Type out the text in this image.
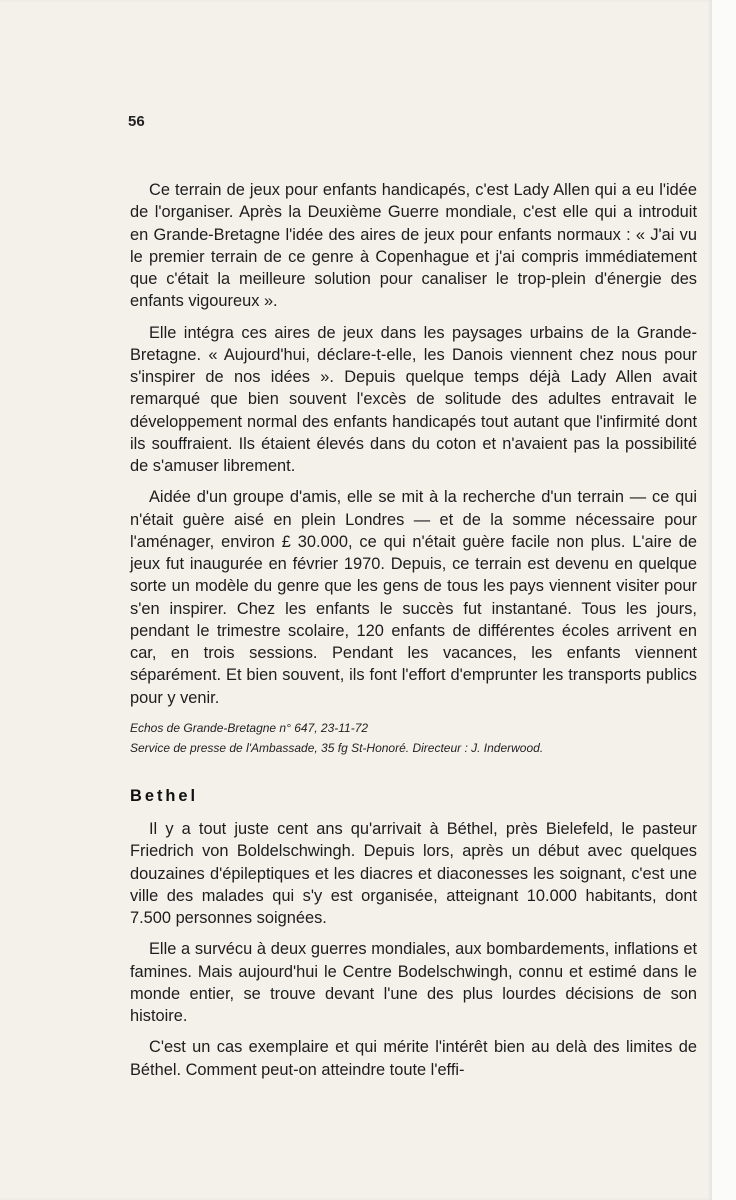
56

Ce terrain de jeux pour enfants handicapés, c'est Lady Allen qui a eu l'idée de l'organiser. Après la Deuxième Guerre mondiale, c'est elle qui a introduit en Grande-Bretagne l'idée des aires de jeux pour enfants normaux : « J'ai vu le premier terrain de ce genre à Copenhague et j'ai compris immédiatement que c'était la meilleure solution pour canaliser le trop-plein d'énergie des enfants vigoureux ».

Elle intégra ces aires de jeux dans les paysages urbains de la Grande-Bretagne. « Aujourd'hui, déclare-t-elle, les Danois viennent chez nous pour s'inspirer de nos idées ». Depuis quelque temps déjà Lady Allen avait remarqué que bien souvent l'excès de solitude des adultes entravait le développement normal des enfants handicapés tout autant que l'infirmité dont ils souffraient. Ils étaient élevés dans du coton et n'avaient pas la possibilité de s'amuser librement.

Aidée d'un groupe d'amis, elle se mit à la recherche d'un terrain — ce qui n'était guère aisé en plein Londres — et de la somme nécessaire pour l'aménager, environ £ 30.000, ce qui n'était guère facile non plus. L'aire de jeux fut inaugurée en février 1970. Depuis, ce terrain est devenu en quelque sorte un modèle du genre que les gens de tous les pays viennent visiter pour s'en inspirer. Chez les enfants le succès fut instantané. Tous les jours, pendant le trimestre scolaire, 120 enfants de différentes écoles arrivent en car, en trois sessions. Pendant les vacances, les enfants viennent séparément. Et bien souvent, ils font l'effort d'emprunter les transports publics pour y venir.

Echos de Grande-Bretagne n° 647, 23-11-72

Service de presse de l'Ambassade, 35 fg St-Honoré. Directeur : J. Inderwood.

Bethel

Il y a tout juste cent ans qu'arrivait à Béthel, près Bielefeld, le pasteur Friedrich von Boldelschwingh. Depuis lors, après un début avec quelques douzaines d'épileptiques et les diacres et diaconesses les soignant, c'est une ville des malades qui s'y est organisée, atteignant 10.000 habitants, dont 7.500 personnes soignées.

Elle a survécu à deux guerres mondiales, aux bombardements, inflations et famines. Mais aujourd'hui le Centre Bodelschwingh, connu et estimé dans le monde entier, se trouve devant l'une des plus lourdes décisions de son histoire.

C'est un cas exemplaire et qui mérite l'intérêt bien au delà des limites de Béthel. Comment peut-on atteindre toute l'effi-
